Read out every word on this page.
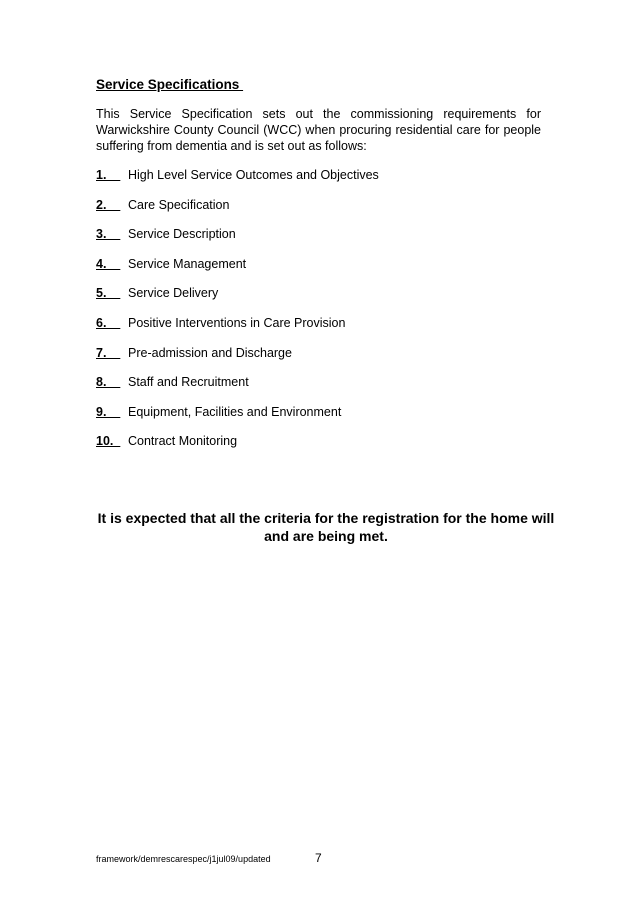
Service Specifications
This Service Specification sets out the commissioning requirements for Warwickshire County Council (WCC) when procuring residential care for people suffering from dementia and is set out as follows:
1.    High Level Service Outcomes and Objectives
2.    Care Specification
3.    Service Description
4.    Service Management
5.    Service Delivery
6.    Positive Interventions in Care Provision
7.    Pre-admission and Discharge
8.    Staff and Recruitment
9.    Equipment, Facilities and Environment
10.  Contract Monitoring
It is expected that all the criteria for the registration for the home will and are being met.
framework/demrescarespec/j1jul09/updated	7
